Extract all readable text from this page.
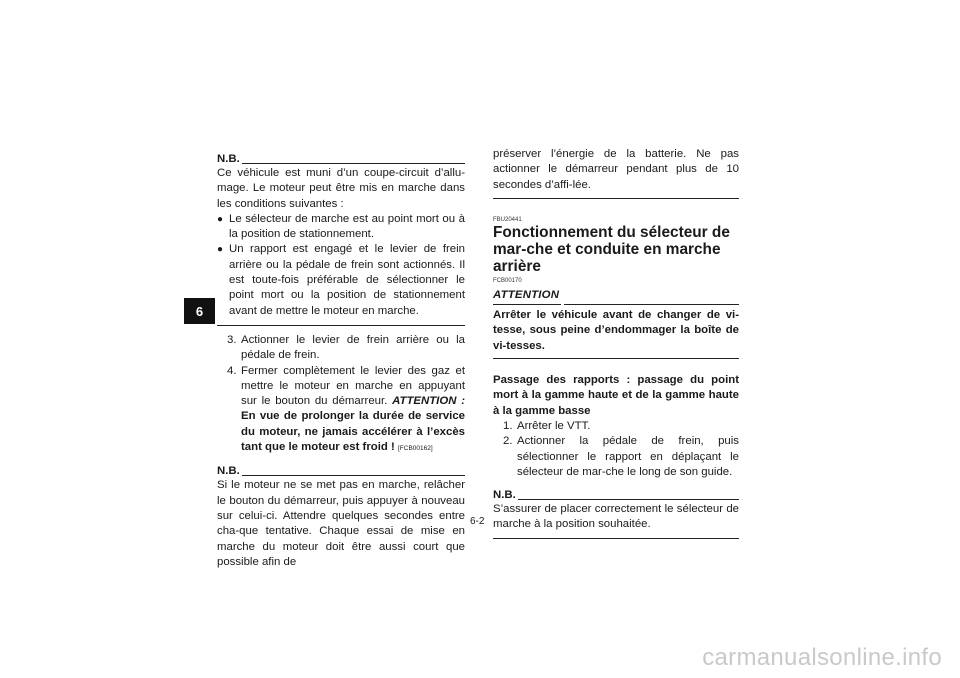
6
N.B.

Ce véhicule est muni d’un coupe-circuit d’allu-mage. Le moteur peut être mis en marche dans les conditions suivantes :

● Le sélecteur de marche est au point mort ou à la position de stationnement.
● Un rapport est engagé et le levier de frein arrière ou la pédale de frein sont actionnés. Il est toute-fois préférable de sélectionner le point mort ou la position de stationnement avant de mettre le moteur en marche.
3. Actionner le levier de frein arrière ou la pédale de frein.
4. Fermer complètement le levier des gaz et mettre le moteur en marche en appuyant sur le bouton du démarreur. ATTENTION : En vue de prolonger la durée de service du moteur, ne jamais accélérer à l’excès tant que le moteur est froid ! [FCB00162]
N.B.

Si le moteur ne se met pas en marche, relâcher le bouton du démarreur, puis appuyer à nouveau sur celui-ci. Attendre quelques secondes entre cha-que tentative. Chaque essai de mise en marche du moteur doit être aussi court que possible afin de

préserver l’énergie de la batterie. Ne pas actionner le démarreur pendant plus de 10 secondes d’affi-lée.

FBU20441
Fonctionnement du sélecteur de mar-che et conduite en marche arrière
FCB00170
ATTENTION

Arrêter le véhicule avant de changer de vi-tesse, sous peine d’endommager la boîte de vi-tesses.

Passage des rapports : passage du point mort à la gamme haute et de la gamme haute à la gamme basse

1. Arrêter le VTT.
2. Actionner la pédale de frein, puis sélectionner le rapport en déplaçant le sélecteur de mar-che le long de son guide.
N.B.

S’assurer de placer correctement le sélecteur de marche à la position souhaitée.

6-2
carmanualsonline.info
